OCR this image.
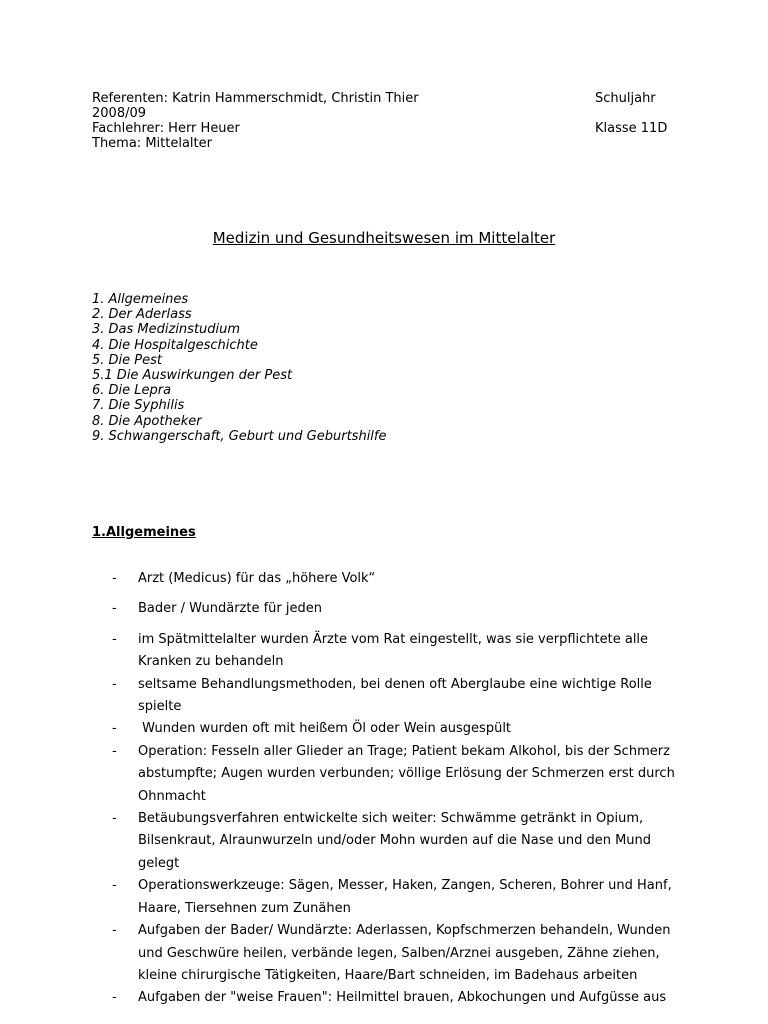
Referenten: Katrin Hammerschmidt, Christin Thier	Schuljahr
2008/09
Fachlehrer: Herr Heuer	Klasse 11D
Thema: Mittelalter
Medizin und Gesundheitswesen im Mittelalter
1. Allgemeines
2. Der Aderlass
3. Das Medizinstudium
4. Die Hospitalgeschichte
5. Die Pest
5.1 Die Auswirkungen der Pest
6. Die Lepra
7. Die Syphilis
8. Die Apotheker
9. Schwangerschaft, Geburt und Geburtshilfe
1.Allgemeines
- Arzt (Medicus) für das „höhere Volk“
- Bader / Wundärzte für jeden
- im Spätmittelalter wurden Ärzte vom Rat eingestellt, was sie verpflichtete alle Kranken zu behandeln
- seltsame Behandlungsmethoden, bei denen oft Aberglaube eine wichtige Rolle spielte
- Wunden wurden oft mit heißem Öl oder Wein ausgespült
- Operation: Fesseln aller Glieder an Trage; Patient bekam Alkohol, bis der Schmerz abstumpfte; Augen wurden verbunden; völlige Erlösung der Schmerzen erst durch Ohnmacht
- Betäubungsverfahren entwickelte sich weiter: Schwämme getränkt in Opium, Bilsenkraut, Alraunwurzeln und/oder Mohn wurden auf die Nase und den Mund gelegt
- Operationswerkzeuge: Sägen, Messer, Haken, Zangen, Scheren, Bohrer und Hanf, Haare, Tiersehnen zum Zunähen
- Aufgaben der Bader/ Wundärzte: Aderlassen, Kopfschmerzen behandeln, Wunden und Geschwüre heilen, verbände legen, Salben/Arznei ausgeben, Zähne ziehen, kleine chirurgische Tätigkeiten, Haare/Bart schneiden, im Badehaus arbeiten
- Aufgaben der "weise Frauen": Heilmittel brauen, Abkochungen und Aufgüsse aus
